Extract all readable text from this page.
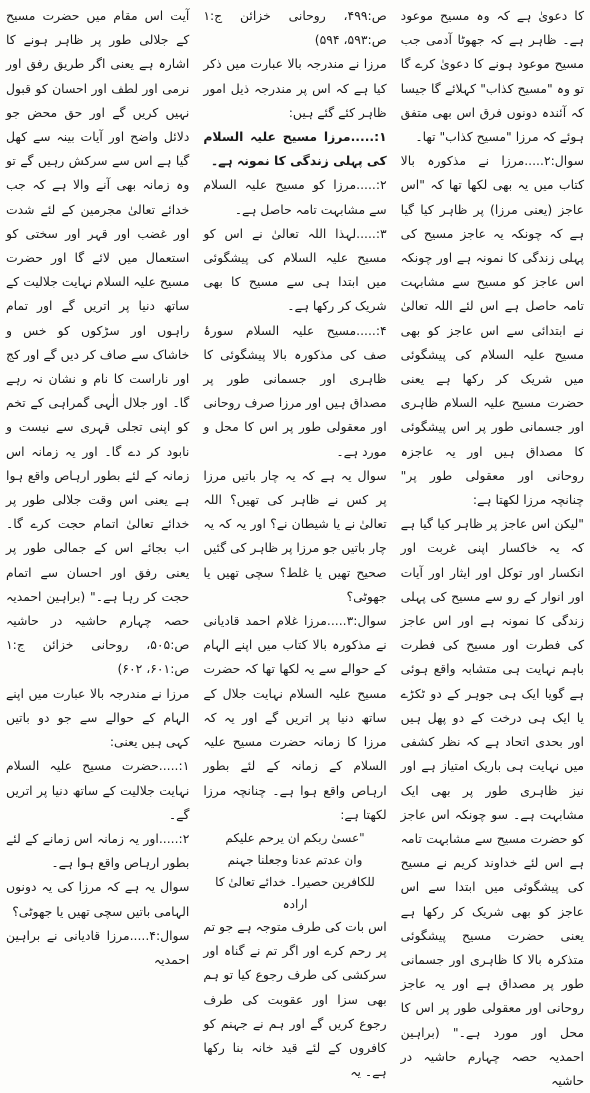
کا دعویٰ ہے کہ وہ مسیح موعود ہے۔ ظاہر ہے کہ جھوٹا آدمی جب مسیح موعود ہونے کا دعویٰ کرے گا تو وہ "مسیح کذاب" کہلائے گا جیسا کہ آئندہ دونوں فرق اس بھی متفق ہوئے کہ مرزا "مسیح کذاب" تھا۔

سوال:۲.....مرزا نے مذکورہ بالا کتاب میں یہ بھی لکھا تھا کہ "اس عاجز (یعنی مرزا) پر ظاہر کیا گیا ہے کہ چونکہ یہ عاجز مسیح کی پہلی زندگی کا نمونہ ہے اور چونکہ اس عاجز کو مسیح سے مشابہت تامہ حاصل ہے اس لئے اللہ تعالیٰ نے ابتدائی سے اس عاجز کو بھی مسیح علیہ السلام کی پیشگوئی میں شریک کر رکھا ہے یعنی حضرت مسیح علیہ السلام ظاہری اور جسمانی طور پر اس پیشگوئی کا مصداق ہیں اور یہ عاجزہ روحانی اور معقولی طور پر" چنانچہ مرزا لکھتا ہے:

"لیکن اس عاجز پر ظاہر کیا گیا ہے کہ یہ خاکسار اپنی غربت اور انکسار اور توکل اور ایثار اور آیات اور انوار کے رو سے مسیح کی پہلی زندگی کا نمونہ ہے اور اس عاجز کی فطرت اور مسیح کی فطرت باہم نہایت ہی متشابہ واقع ہوئی ہے گویا ایک ہی جوہر کے دو ٹکڑے یا ایک ہی درخت کے دو پھل ہیں اور بحدی اتحاد ہے کہ نظر کشفی میں نہایت ہی باریک امتیاز ہے اور نیز ظاہری طور پر بھی ایک مشابہت ہے۔ سو چونکہ اس عاجز کو حضرت مسیح سے مشابہت تامہ ہے اس لئے خداوند کریم نے مسیح کی پیشگوئی میں ابتدا سے اس عاجز کو بھی شریک کر رکھا ہے یعنی حضرت مسیح پیشگوئی متذکرہ بالا کا ظاہری اور جسمانی طور پر مصداق ہے اور یہ عاجز روحانی اور معقولی طور پر اس کا محل اور مورد ہے۔" (براہین احمدیہ حصہ چہارم حاشیہ در حاشیہ

ص:۴۹۹، روحانی خزائن ج:۱ ص:۵۹۳، ۵۹۴)

مرزا نے مندرجہ بالا عبارت میں ذکر کیا ہے کہ اس پر مندرجہ ذیل امور ظاہر کئے گئے ہیں:

۱:.....مرزا مسیح علیہ السلام کی پہلی زندگی کا نمونہ ہے۔

۲:.....مرزا کو مسیح علیہ السلام سے مشابہت تامہ حاصل ہے۔

۳:.....لہذا اللہ تعالیٰ نے اس کو مسیح علیہ السلام کی پیشگوئی میں ابتدا ہی سے مسیح کا بھی شریک کر رکھا ہے۔

۴:.....مسیح علیہ السلام سورۂ صف کی مذکورہ بالا پیشگوئی کا ظاہری اور جسمانی طور پر مصداق ہیں اور مرزا صرف روحانی اور معقولی طور پر اس کا محل و مورد ہے۔

سوال یہ ہے کہ یہ چار باتیں مرزا پر کس نے ظاہر کی تھیں؟ اللہ تعالیٰ نے یا شیطان نے؟ اور یہ کہ یہ چار باتیں جو مرزا پر ظاہر کی گئیں صحیح تھیں یا غلط؟ سچی تھیں یا جھوٹی؟

سوال:۳.....مرزا غلام احمد قادیانی نے مذکورہ بالا کتاب میں اپنے الہام کے حوالے سے یہ لکھا تھا کہ حضرت مسیح علیہ السلام نہایت جلال کے ساتھ دنیا پر اتریں گے اور یہ کہ مرزا کا زمانہ حضرت مسیح علیہ السلام کے زمانہ کے لئے بطور ارہاص واقع ہوا ہے۔ چنانچہ مرزا لکھتا ہے:

"عسیٰ ربکم ان یرحم علیکم

وان عدتم عدنا وجعلنا جہنم

للکافرین حصیرا۔ خدائے تعالیٰ کا ارادہ

اس بات کی طرف متوجہ ہے جو تم پر رحم کرے اور اگر تم نے گناہ اور سرکشی کی طرف رجوع کیا تو ہم بھی سزا اور عقوبت کی طرف رجوع کریں گے اور ہم نے جہنم کو کافروں کے لئے قید خانہ بنا رکھا ہے۔ یہ

آیت اس مقام میں حضرت مسیح کے جلالی طور پر ظاہر ہونے کا اشارہ ہے یعنی اگر طریق رفق اور نرمی اور لطف اور احسان کو قبول نہیں کریں گے اور حق محض جو دلائل واضح اور آیات بینہ سے کھل گیا ہے اس سے سرکش رہیں گے تو وہ زمانہ بھی آنے والا ہے کہ جب خدائے تعالیٰ مجرمین کے لئے شدت اور غضب اور قہر اور سختی کو استعمال میں لائے گا اور حضرت مسیح علیہ السلام نہایت جلالیت کے ساتھ دنیا پر اتریں گے اور تمام راہوں اور سڑکوں کو خس و خاشاک سے صاف کر دیں گے اور کج اور ناراست کا نام و نشان نہ رہے گا۔ اور جلال الٰہی گمراہی کے تخم کو اپنی تجلی قہری سے نیست و نابود کر دے گا۔ اور یہ زمانہ اس زمانہ کے لئے بطور ارہاص واقع ہوا ہے یعنی اس وقت جلالی طور پر خدائے تعالیٰ اتمام حجت کرے گا۔ اب بجائے اس کے جمالی طور پر یعنی رفق اور احسان سے اتمام حجت کر رہا ہے۔" (براہین احمدیہ حصہ چہارم حاشیہ در حاشیہ ص:۵۰۵، روحانی خزائن ج:۱ ص:۶۰۱، ۶۰۲)

مرزا نے مندرجہ بالا عبارت میں اپنے الہام کے حوالے سے جو دو باتیں کہی ہیں یعنی:

۱:.....حضرت مسیح علیہ السلام نہایت جلالیت کے ساتھ دنیا پر اتریں گے۔

۲:.....اور یہ زمانہ اس زمانے کے لئے بطور ارہاص واقع ہوا ہے۔

سوال یہ ہے کہ مرزا کی یہ دونوں الہامی باتیں سچی تھیں یا جھوٹی؟

سوال:۴.....مرزا قادیانی نے براہین احمدیہ
